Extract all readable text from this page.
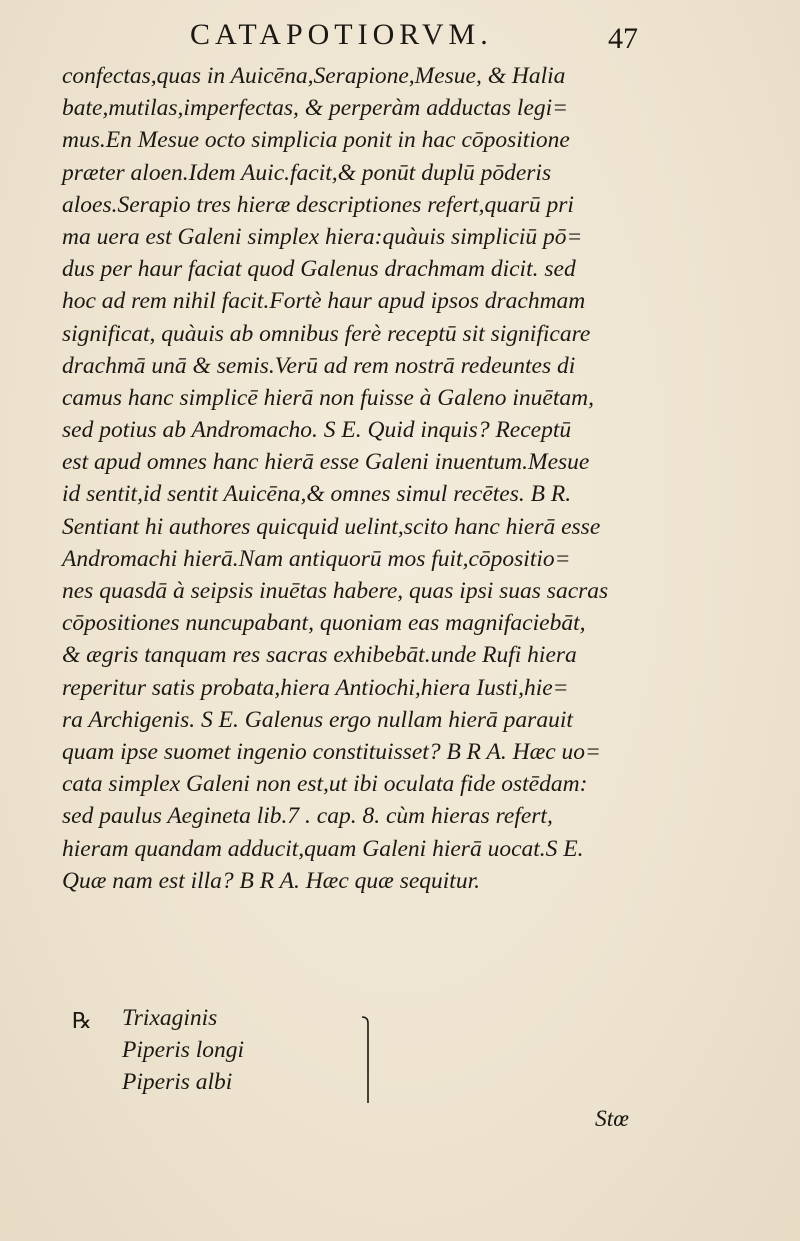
CATAPOTIORVM.	47
confectas,quas in Auicēna,Serapione,Mesue, & Halia
bate,mutilas,imperfectas, & perperàm adductas legi=
mus.En Mesue octo simplicia ponit in hac cōpositione
præter aloen.Idem Auic.facit,& ponūt duplū pōderis
aloes.Serapio tres hieræ descriptiones refert,quarū pri
ma uera est Galeni simplex hiera:quàuis simpliciū pō=
dus per haur faciat quod Galenus drachmam dicit. sed
hoc ad rem nihil facit.Fortè haur apud ipsos drachmam
significat, quàuis ab omnibus ferè receptū sit significare
drachmā unā & semis.Verū ad rem nostrā redeuntes di
camus hanc simplicē hierā non fuisse à Galeno inuētam,
sed potius ab Andromacho. S E. Quid inquis? Receptū
est apud omnes hanc hierā esse Galeni inuentum.Mesue
id sentit,id sentit Auicēna,& omnes simul recētes. B R.
Sentiant hi authores quicquid uelint,scito hanc hierā esse
Andromachi hierā.Nam antiquorū mos fuit,cōpositio=
nes quasdā à seipsis inuētas habere, quas ipsi suas sacras
cōpositiones nuncupabant, quoniam eas magnifaciebāt,
& ægris tanquam res sacras exhibebāt.unde Rufi hiera
reperitur satis probata,hiera Antiochi,hiera Iusti,hie=
ra Archigenis. S E. Galenus ergo nullam hierā parauit
quam ipse suomet ingenio constituisset? B R A. Hæc uo=
cata simplex Galeni non est,ut ibi oculata fide ostēdam:
sed paulus Aegineta lib.7 . cap. 8. cùm hieras refert,
hieram quandam adducit,quam Galeni hierā uocat.S E.
Quæ nam est illa? B R A. Hæc quæ sequitur.
℞ Trixaginis
Piperis longi
Piperis albi
Stœ
